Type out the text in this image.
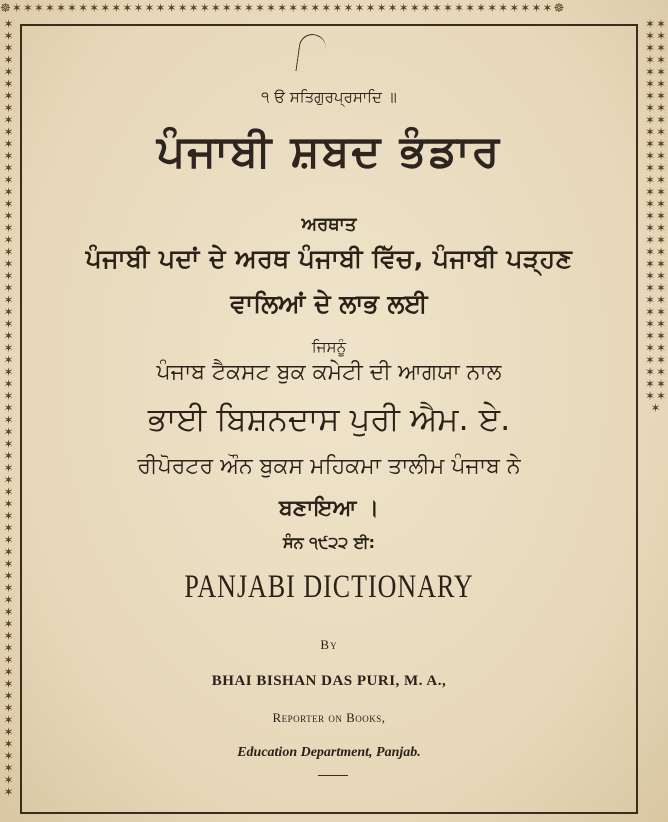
☸✶✶✶✶✶✶✶✶✶✶✶✶✶✶✶✶✶✶✶✶✶✶✶✶✶✶✶✶✶✶✶✶✶✶✶✶✶✶✶✶✶✶✶✶✶✶✶✶✶☸
✶✶✶✶✶✶✶✶✶✶✶✶✶✶✶✶✶✶✶✶✶✶✶✶✶✶✶✶✶✶✶✶✶✶✶✶✶✶✶✶✶✶✶✶✶✶✶✶✶✶✶✶✶✶✶✶✶✶✶✶✶✶✶✶✶
✶✶✶✶✶✶✶✶✶✶✶✶✶✶✶✶✶✶✶✶✶✶✶✶✶✶✶✶✶✶✶✶✶✶✶✶✶✶✶✶✶✶✶✶✶✶✶✶✶✶✶✶✶✶✶✶✶✶✶✶✶✶✶✶✶
੧ ੳ ਸਤਿਗੁਰਪ੍ਰਸਾਦਿ ॥
ਪੰਜਾਬੀ ਸ਼ਬਦ ਭੰਡਾਰ
ਅਰਥਾਤ
ਪੰਜਾਬੀ ਪਦਾਂ ਦੇ ਅਰਥ ਪੰਜਾਬੀ ਵਿੱਚ, ਪੰਜਾਬੀ ਪੜ੍ਹਣ
ਵਾਲਿਆਂ ਦੇ ਲਾਭ ਲਈ
ਜਿਸਨੂੰ
ਪੰਜਾਬ ਟੈਕਸਟ ਬੁਕ ਕਮੇਟੀ ਦੀ ਆਗਯਾ ਨਾਲ
ਭਾਈ ਬਿਸ਼ਨਦਾਸ ਪੁਰੀ ਐਮ. ਏ.
ਰੀਪੋਰਟਰ ਔਨ ਬੁਕਸ ਮਹਿਕਮਾ ਤਾਲੀਮ ਪੰਜਾਬ ਨੇ
ਬਣਾਇਆ ।
ਸੰਨ ੧੯੨੨ ਈ:
PANJABI DICTIONARY
By
BHAI BISHAN DAS PURI, M. A.,
Reporter on Books,
Education Department, Panjab.
